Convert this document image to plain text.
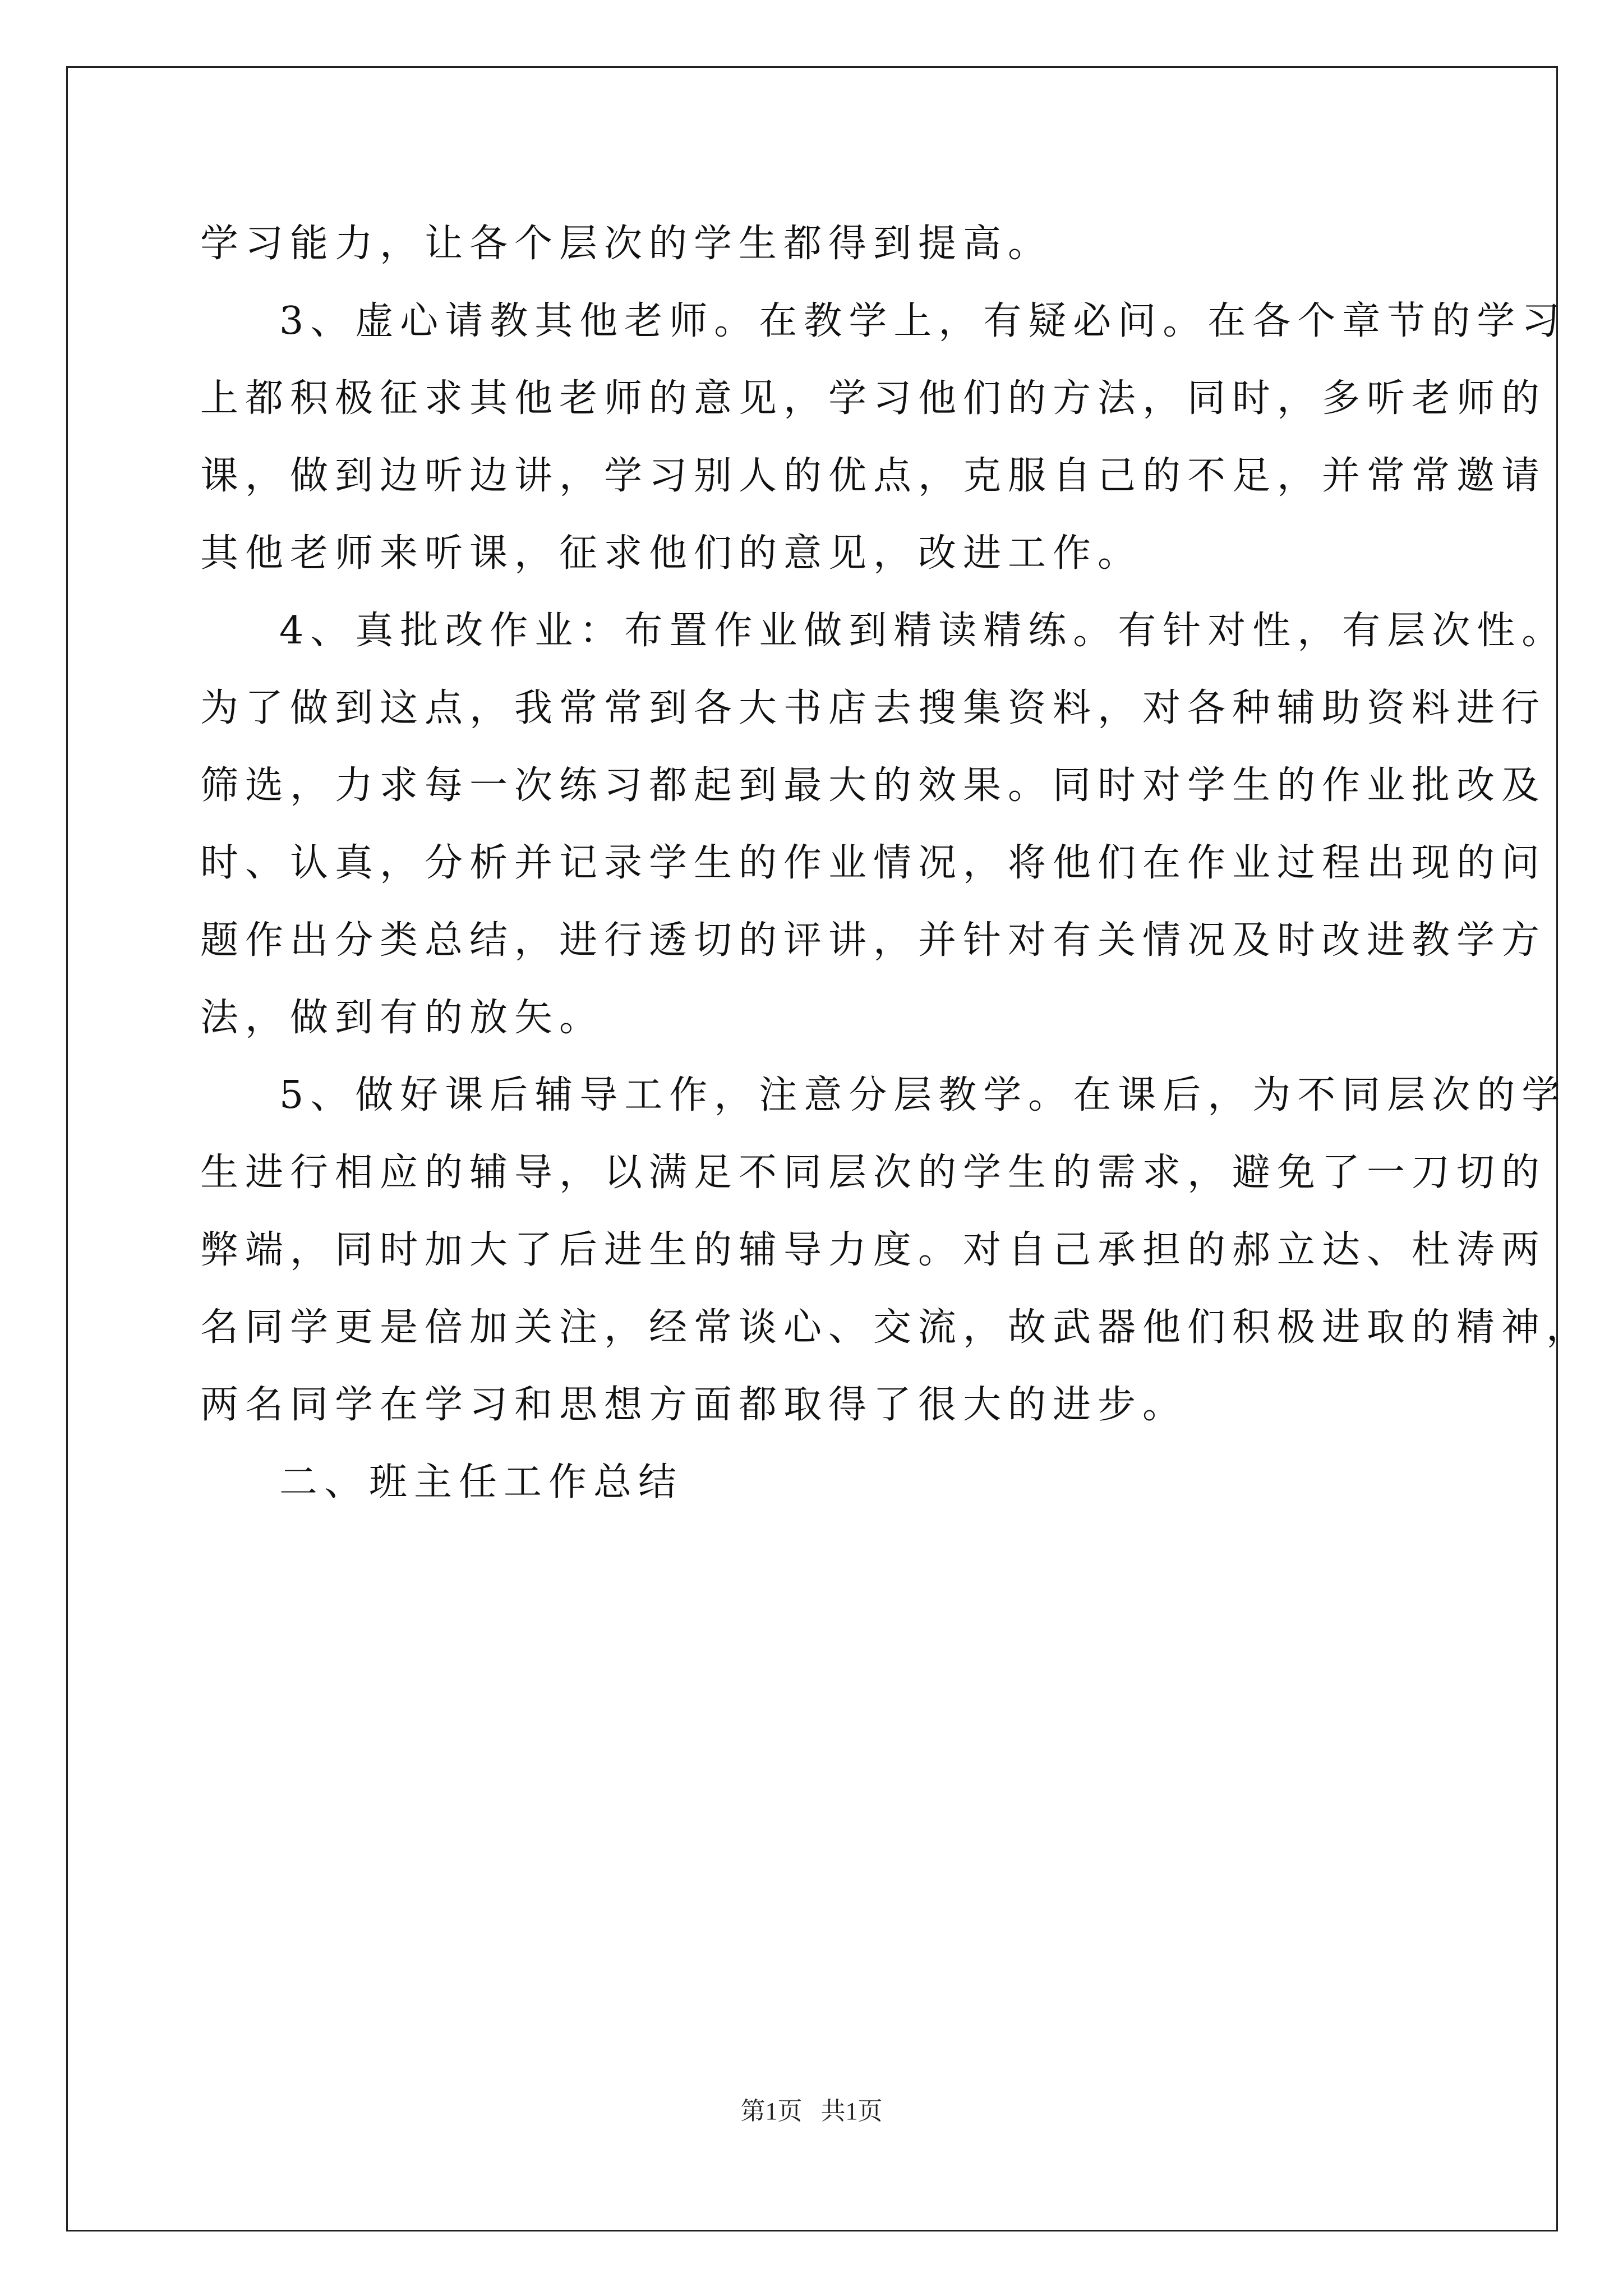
学习能力，让各个层次的学生都得到提高。
3、虚心请教其他老师。在教学上，有疑必问。在各个章节的学习
上都积极征求其他老师的意见，学习他们的方法，同时，多听老师的
课，做到边听边讲，学习别人的优点，克服自己的不足，并常常邀请
其他老师来听课，征求他们的意见，改进工作。
4、真批改作业：布置作业做到精读精练。有针对性，有层次性。
为了做到这点，我常常到各大书店去搜集资料，对各种辅助资料进行
筛选，力求每一次练习都起到最大的效果。同时对学生的作业批改及
时、认真，分析并记录学生的作业情况，将他们在作业过程出现的问
题作出分类总结，进行透切的评讲，并针对有关情况及时改进教学方
法，做到有的放矢。
5、做好课后辅导工作，注意分层教学。在课后，为不同层次的学
生进行相应的辅导，以满足不同层次的学生的需求，避免了一刀切的
弊端，同时加大了后进生的辅导力度。对自己承担的郝立达、杜涛两
名同学更是倍加关注，经常谈心、交流，故武器他们积极进取的精神，
两名同学在学习和思想方面都取得了很大的进步。
二、班主任工作总结
第1页   共1页
